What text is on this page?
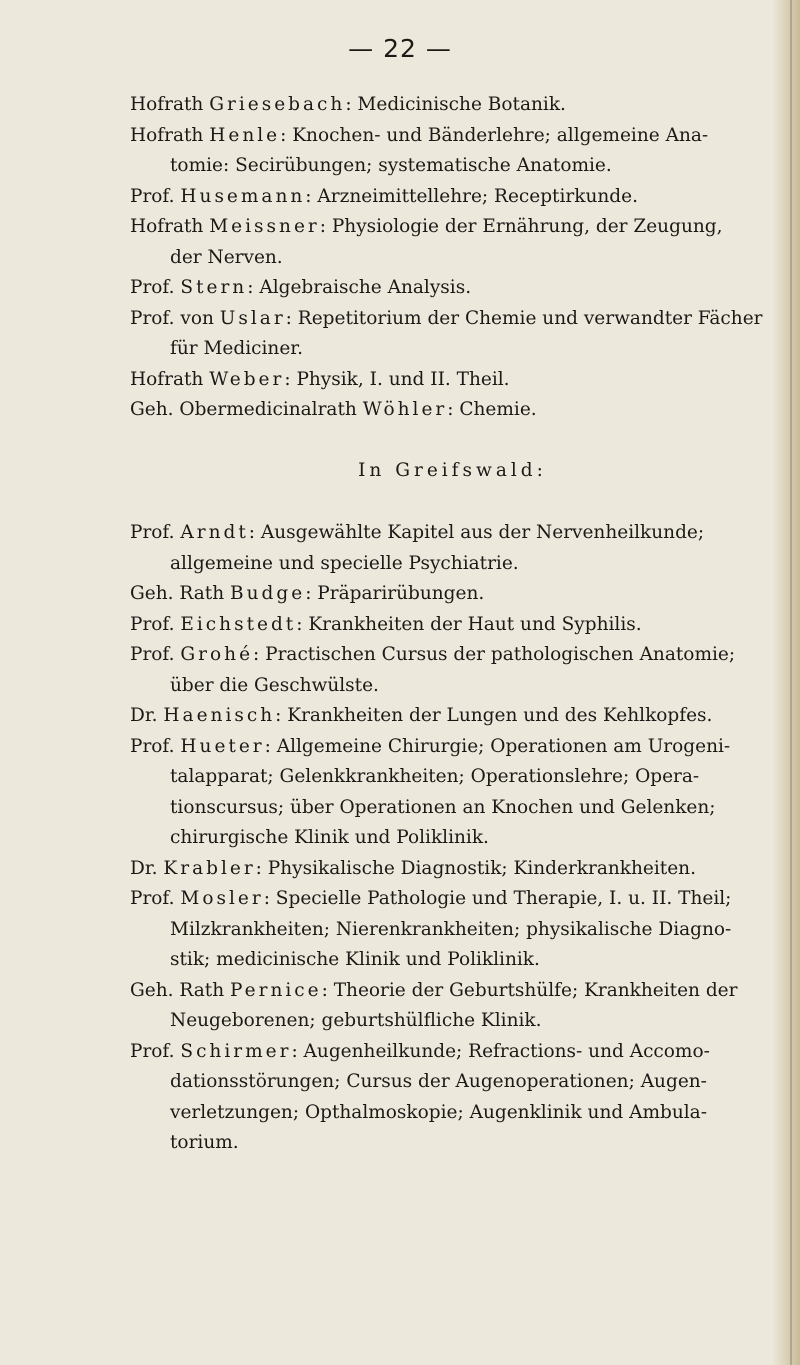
— 22 —
Hofrath Griesebach: Medicinische Botanik.
Hofrath Henle: Knochen- und Bänderlehre; allgemeine Ana-
tomie: Secirübungen; systematische Anatomie.
Prof. Husemann: Arzneimittellehre; Receptirkunde.
Hofrath Meissner: Physiologie der Ernährung, der Zeugung,
der Nerven.
Prof. Stern: Algebraische Analysis.
Prof. von Uslar: Repetitorium der Chemie und verwandter Fächer
für Mediciner.
Hofrath Weber: Physik, I. und II. Theil.
Geh. Obermedicinalrath Wöhler: Chemie.
In Greifswald:
Prof. Arndt: Ausgewählte Kapitel aus der Nervenheilkunde;
allgemeine und specielle Psychiatrie.
Geh. Rath Budge: Präparirübungen.
Prof. Eichstedt: Krankheiten der Haut und Syphilis.
Prof. Grohé: Practischen Cursus der pathologischen Anatomie;
über die Geschwülste.
Dr. Haenisch: Krankheiten der Lungen und des Kehlkopfes.
Prof. Hueter: Allgemeine Chirurgie; Operationen am Urogeni-
talapparat; Gelenkkrankheiten; Operationslehre; Opera-
tionscursus; über Operationen an Knochen und Gelenken;
chirurgische Klinik und Poliklinik.
Dr. Krabler: Physikalische Diagnostik; Kinderkrankheiten.
Prof. Mosler: Specielle Pathologie und Therapie, I. u. II. Theil;
Milzkrankheiten; Nierenkrankheiten; physikalische Diagno-
stik; medicinische Klinik und Poliklinik.
Geh. Rath Pernice: Theorie der Geburtshülfe; Krankheiten der
Neugeborenen; geburtshülfliche Klinik.
Prof. Schirmer: Augenheilkunde; Refractions- und Accomo-
dationsstörungen; Cursus der Augenoperationen; Augen-
verletzungen; Opthalmoskopie; Augenklinik und Ambula-
torium.
